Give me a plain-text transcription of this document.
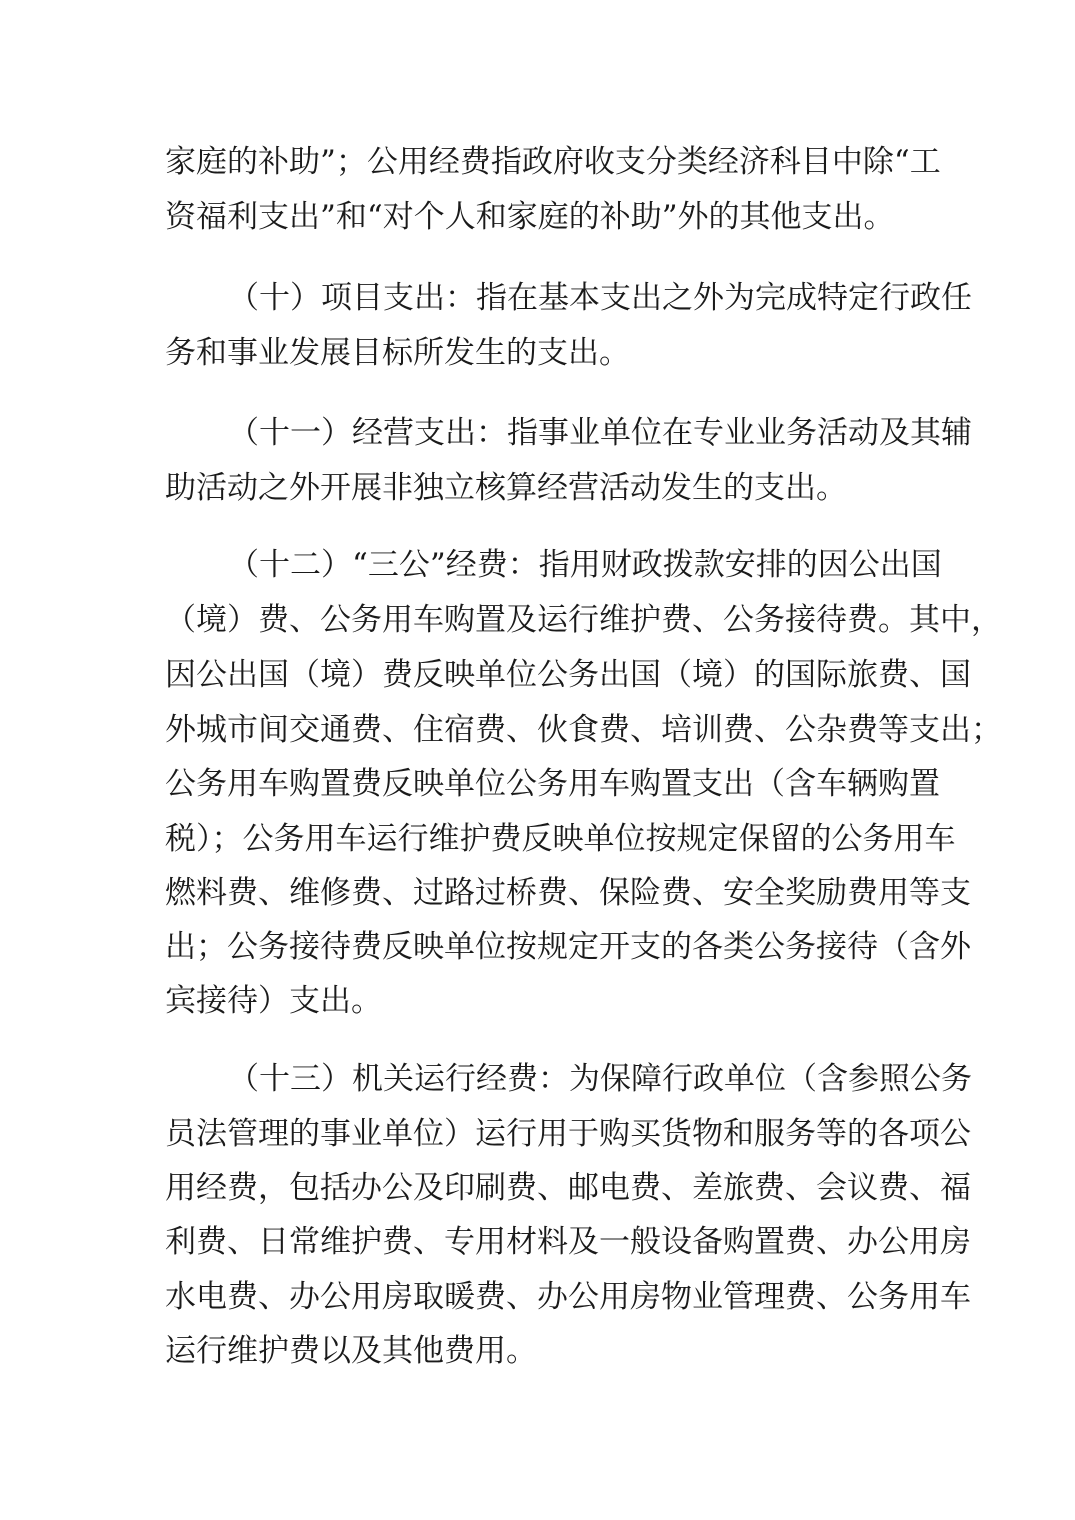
家庭的补助”；公用经费指政府收支分类经济科目中除“工
资福利支出”和“对个人和家庭的补助”外的其他支出。
（十）项目支出：指在基本支出之外为完成特定行政任
务和事业发展目标所发生的支出。
（十一）经营支出：指事业单位在专业业务活动及其辅
助活动之外开展非独立核算经营活动发生的支出。
（十二）“三公”经费：指用财政拨款安排的因公出国
（境）费、公务用车购置及运行维护费、公务接待费。其中，
因公出国（境）费反映单位公务出国（境）的国际旅费、国
外城市间交通费、住宿费、伙食费、培训费、公杂费等支出；
公务用车购置费反映单位公务用车购置支出（含车辆购置
税）；公务用车运行维护费反映单位按规定保留的公务用车
燃料费、维修费、过路过桥费、保险费、安全奖励费用等支
出；公务接待费反映单位按规定开支的各类公务接待（含外
宾接待）支出。
（十三）机关运行经费：为保障行政单位（含参照公务
员法管理的事业单位）运行用于购买货物和服务等的各项公
用经费，包括办公及印刷费、邮电费、差旅费、会议费、福
利费、日常维护费、专用材料及一般设备购置费、办公用房
水电费、办公用房取暖费、办公用房物业管理费、公务用车
运行维护费以及其他费用。
